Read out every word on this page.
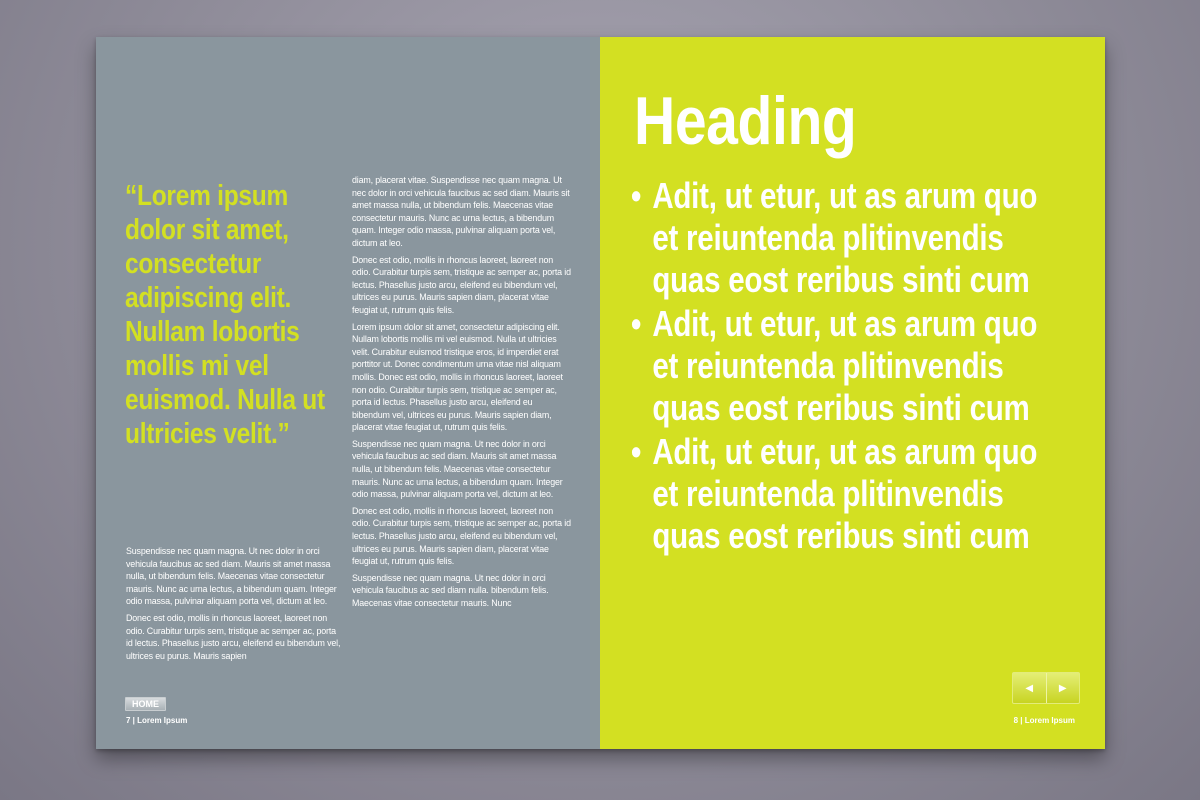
“Lorem ipsum dolor sit amet, consectetur adipiscing elit. Nullam lobortis mollis mi vel euismod. Nulla ut ultricies velit.”

Suspendisse nec quam magna. Ut nec dolor in orci vehicula faucibus ac sed diam. Mauris sit amet massa nulla, ut bibendum felis. Maecenas vitae consectetur mauris. Nunc ac urna lectus, a bibendum quam. Integer odio massa, pulvinar aliquam porta vel, dictum at leo.

Donec est odio, mollis in rhoncus laoreet, laoreet non odio. Curabitur turpis sem, tristique ac semper ac, porta id lectus. Phasellus justo arcu, eleifend eu bibendum vel, ultrices eu purus. Mauris sapien

diam, placerat vitae. Suspendisse nec quam magna. Ut nec dolor in orci vehicula faucibus ac sed diam. Mauris sit amet massa nulla, ut bibendum felis. Maecenas vitae consectetur mauris. Nunc ac urna lectus, a bibendum quam. Integer odio massa, pulvinar aliquam porta vel, dictum at leo.

Donec est odio, mollis in rhoncus laoreet, laoreet non odio. Curabitur turpis sem, tristique ac semper ac, porta id lectus. Phasellus justo arcu, eleifend eu bibendum vel, ultrices eu purus. Mauris sapien diam, placerat vitae feugiat ut, rutrum quis felis.

Lorem ipsum dolor sit amet, consectetur adipiscing elit. Nullam lobortis mollis mi vel euismod. Nulla ut ultricies velit. Curabitur euismod tristique eros, id imperdiet erat porttitor ut. Donec condimentum urna vitae nisl aliquam mollis. Donec est odio, mollis in rhoncus laoreet, laoreet non odio. Curabitur turpis sem, tristique ac semper ac, porta id lectus. Phasellus justo arcu, eleifend eu bibendum vel, ultrices eu purus. Mauris sapien diam, placerat vitae feugiat ut, rutrum quis felis.

Suspendisse nec quam magna. Ut nec dolor in orci vehicula faucibus ac sed diam. Mauris sit amet massa nulla, ut bibendum felis. Maecenas vitae consectetur mauris. Nunc ac urna lectus, a bibendum quam. Integer odio massa, pulvinar aliquam porta vel, dictum at leo.

Donec est odio, mollis in rhoncus laoreet, laoreet non odio. Curabitur turpis sem, tristique ac semper ac, porta id lectus. Phasellus justo arcu, eleifend eu bibendum vel, ultrices eu purus. Mauris sapien diam, placerat vitae feugiat ut, rutrum quis felis.

Suspendisse nec quam magna. Ut nec dolor in orci vehicula faucibus ac sed diam nulla. bibendum felis. Maecenas vitae consectetur mauris. Nunc

HOME
7 | Lorem Ipsum
Heading
• Adit, ut etur, ut as arum quo et reiuntenda plitinvendis quas eost reribus sinti cum
• Adit, ut etur, ut as arum quo et reiuntenda plitinvendis quas eost reribus sinti cum
• Adit, ut etur, ut as arum quo et reiuntenda plitinvendis quas eost reribus sinti cum
◀	▶
8 | Lorem Ipsum
